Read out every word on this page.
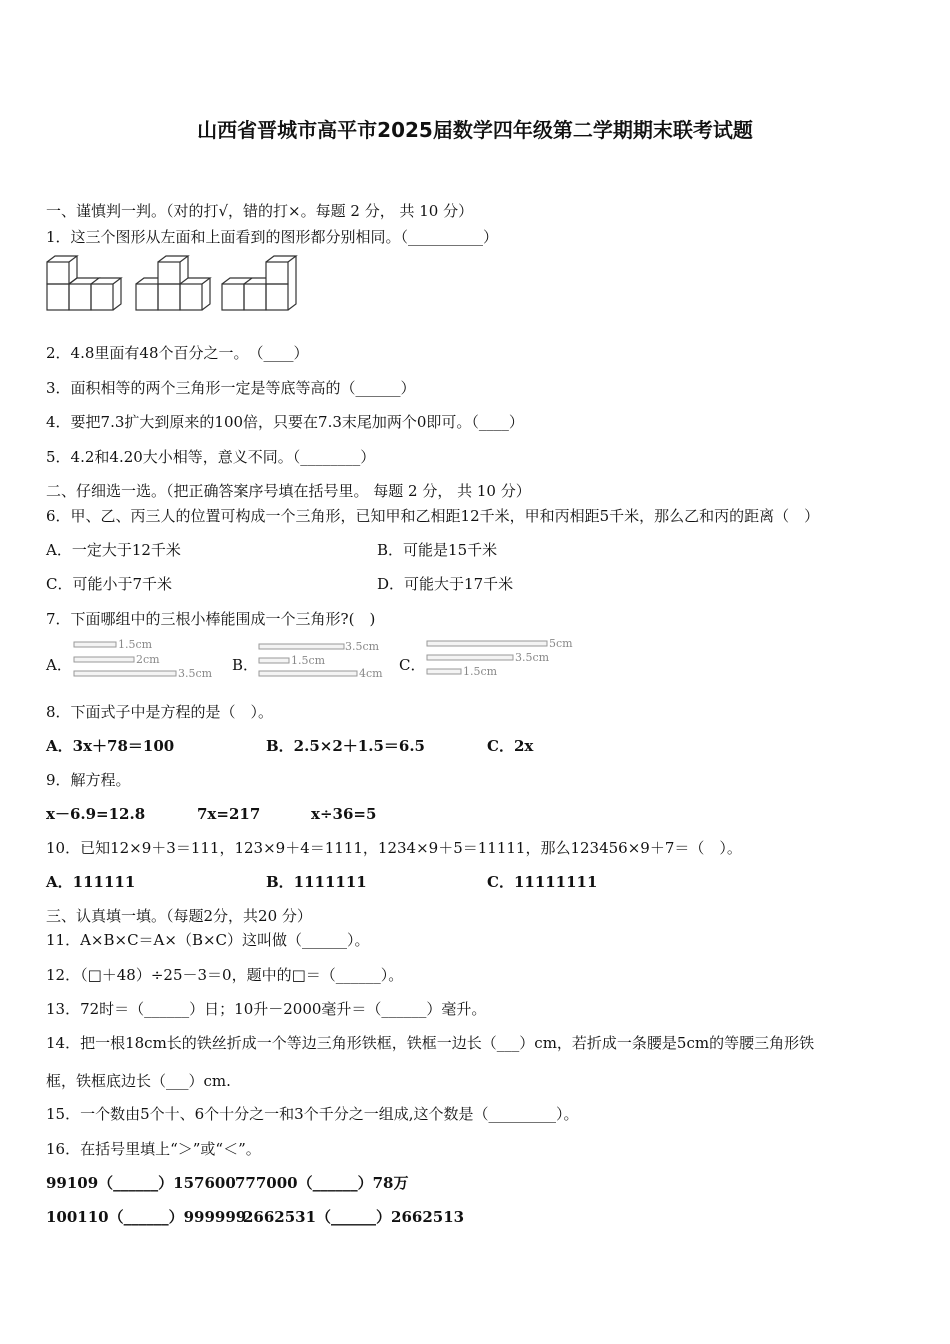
山西省晋城市高平市2025届数学四年级第二学期期末联考试题
一、谨慎判一判。（对的打√，错的打×。每题 2 分， 共 10 分）
1．这三个图形从左面和上面看到的图形都分别相同。（__________）
2．4.8里面有48个百分之一。　（____）
3．面积相等的两个三角形一定是等底等高的（______）
4．要把7.3扩大到原来的100倍，只要在7.3末尾加两个0即可。（____）
5．4.2和4.20大小相等，意义不同。（________）
二、仔细选一选。（把正确答案序号填在括号里。 每题 2 分， 共 10 分）
6．甲、乙、丙三人的位置可构成一个三角形，已知甲和乙相距12千米，甲和丙相距5千米，那么乙和丙的距离（　）
A．一定大于12千米	B．可能是15千米
C．可能小于7千米	D．可能大于17千米
7．下面哪组中的三根小棒能围成一个三角形?(　)
A．
1.5cm
2cm
3.5cm B．
3.5cm
1.5cm
4cm C．
5cm
3.5cm
1.5cm
8．下面式子中是方程的是（　）。
A．3x＋78＝100	B．2.5×2＋1.5＝6.5	C．2x
9．解方程。
x－6.9=12.8	7x=217	x÷36=5
10．已知12×9＋3＝111，123×9＋4＝1111，1234×9＋5＝11111，那么123456×9＋7＝（　）。
A．111111	B．1111111	C．11111111
三、认真填一填。（每题2分，共20 分）
11．A×B×C＝A×（B×C）这叫做（______）。
12．（□＋48）÷25－3＝0，题中的□＝（______）。
13．72时＝（______）日；10升－2000毫升＝（______）毫升。
14．把一根18cm长的铁丝折成一个等边三角形铁框，铁框一边长（___）cm，若折成一条腰是5cm的等腰三角形铁
框，铁框底边长（___）cm.
15．一个数由5个十、6个十分之一和3个千分之一组成,这个数是（_________）。
16．在括号里填上“＞”或“＜”。
99109（______）157600 777000（______）78万
100110（______）999999
2662531（______）2662513
